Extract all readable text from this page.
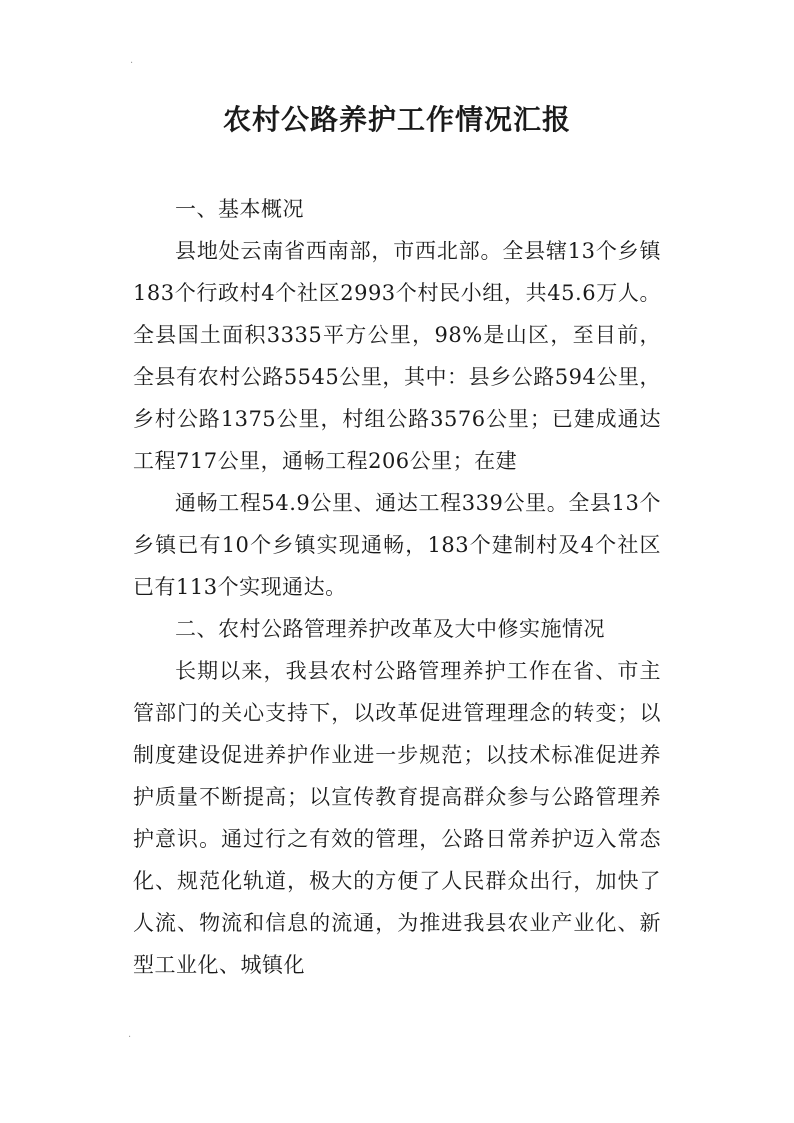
农村公路养护工作情况汇报

一、基本概况

县地处云南省西南部，市西北部。全县辖13个乡镇183个行政村4个社区2993个村民小组，共45.6万人。全县国土面积3335平方公里，98%是山区，至目前，全县有农村公路5545公里，其中：县乡公路594公里，乡村公路1375公里，村组公路3576公里；已建成通达工程717公里，通畅工程206公里；在建

通畅工程54.9公里、通达工程339公里。全县13个乡镇已有10个乡镇实现通畅，183个建制村及4个社区已有113个实现通达。

二、农村公路管理养护改革及大中修实施情况

长期以来，我县农村公路管理养护工作在省、市主管部门的关心支持下，以改革促进管理理念的转变；以制度建设促进养护作业进一步规范；以技术标准促进养护质量不断提高；以宣传教育提高群众参与公路管理养护意识。通过行之有效的管理，公路日常养护迈入常态化、规范化轨道，极大的方便了人民群众出行，加快了人流、物流和信息的流通，为推进我县农业产业化、新型工业化、城镇化

·
·
